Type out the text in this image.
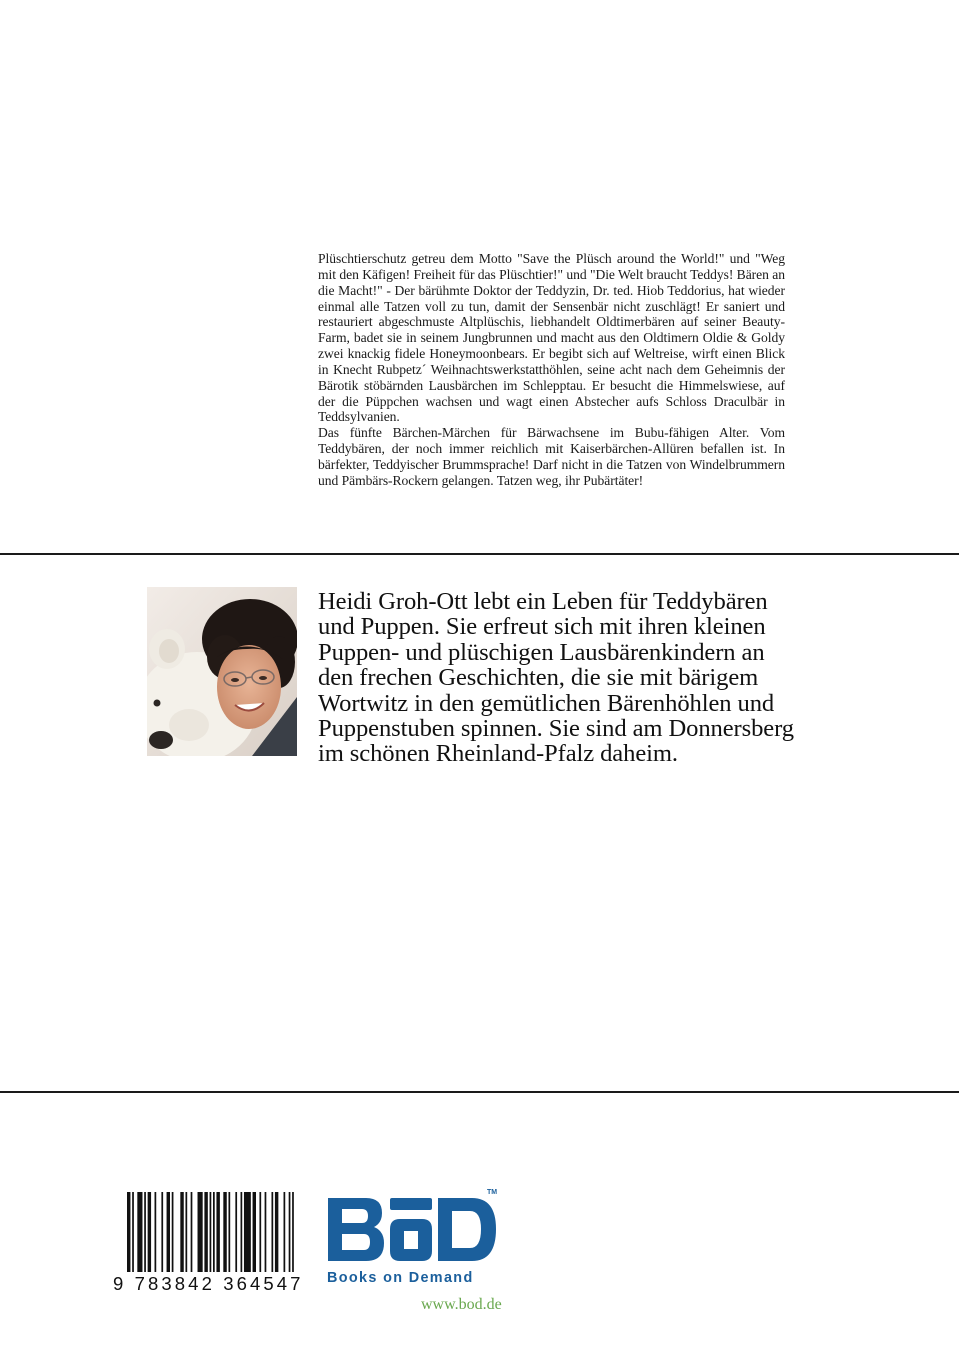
Plüschtierschutz getreu dem Motto "Save the Plüsch around the World!" und "Weg mit den Käfigen! Freiheit für das Plüschtier!" und "Die Welt braucht Teddys! Bären an die Macht!" - Der bärühmte Doktor der Teddyzin, Dr. ted. Hiob Teddorius, hat wieder einmal alle Tatzen voll zu tun, damit der Sensenbär nicht zuschlägt! Er saniert und restauriert abgeschmuste Altplüschis, liebhandelt Oldtimerbären auf seiner Beauty-Farm, badet sie in seinem Jungbrunnen und macht aus den Oldtimern Oldie & Goldy zwei knackig fidele Honeymoonbears. Er begibt sich auf Weltreise, wirft einen Blick in Knecht Rubpetz´ Weihnachtswerkstatthöhlen, seine acht nach dem Geheimnis der Bärotik stöbärnden Lausbärchen im Schlepptau. Er besucht die Himmelswiese, auf der die Püppchen wachsen und wagt einen Abstecher aufs Schloss Draculbär in Teddsylvanien.

Das fünfte Bärchen-Märchen für Bärwachsene im Bubu-fähigen Alter. Vom Teddybären, der noch immer reichlich mit Kaiserbärchen-Allüren befallen ist. In bärfekter, Teddyischer Brummsprache! Darf nicht in die Tatzen von Windelbrummern und Pämbärs-Rockern gelangen. Tatzen weg, ihr Pubärtäter!

Heidi Groh-Ott lebt ein Leben für Teddybären und Puppen. Sie erfreut sich mit ihren kleinen Puppen- und plüschigen Lausbärenkindern an den frechen Geschichten, die sie mit bärigem Wortwitz in den gemütlichen Bärenhöhlen und Puppenstuben spinnen. Sie sind am Donnersberg im schönen Rheinland-Pfalz daheim.

9 783842 364547
TM
Books on Demand
www.bod.de
